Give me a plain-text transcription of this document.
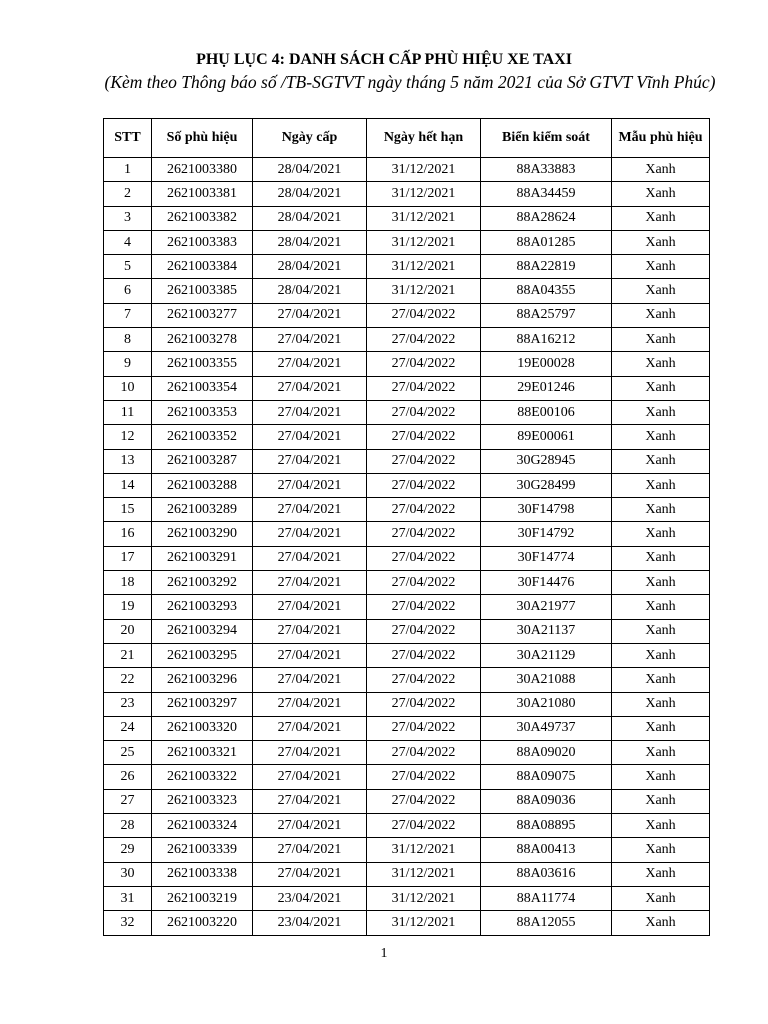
PHỤ LỤC 4: DANH SÁCH CẤP PHÙ HIỆU XE TAXI
(Kèm theo Thông báo số /TB-SGTVT ngày tháng 5 năm 2021 của Sở GTVT Vĩnh Phúc)
STT	Số phù hiệu	Ngày cấp	Ngày hết hạn	Biển kiểm soát	Mẫu phù hiệu
1	2621003380	28/04/2021	31/12/2021	88A33883	Xanh
2	2621003381	28/04/2021	31/12/2021	88A34459	Xanh
3	2621003382	28/04/2021	31/12/2021	88A28624	Xanh
4	2621003383	28/04/2021	31/12/2021	88A01285	Xanh
5	2621003384	28/04/2021	31/12/2021	88A22819	Xanh
6	2621003385	28/04/2021	31/12/2021	88A04355	Xanh
7	2621003277	27/04/2021	27/04/2022	88A25797	Xanh
8	2621003278	27/04/2021	27/04/2022	88A16212	Xanh
9	2621003355	27/04/2021	27/04/2022	19E00028	Xanh
10	2621003354	27/04/2021	27/04/2022	29E01246	Xanh
11	2621003353	27/04/2021	27/04/2022	88E00106	Xanh
12	2621003352	27/04/2021	27/04/2022	89E00061	Xanh
13	2621003287	27/04/2021	27/04/2022	30G28945	Xanh
14	2621003288	27/04/2021	27/04/2022	30G28499	Xanh
15	2621003289	27/04/2021	27/04/2022	30F14798	Xanh
16	2621003290	27/04/2021	27/04/2022	30F14792	Xanh
17	2621003291	27/04/2021	27/04/2022	30F14774	Xanh
18	2621003292	27/04/2021	27/04/2022	30F14476	Xanh
19	2621003293	27/04/2021	27/04/2022	30A21977	Xanh
20	2621003294	27/04/2021	27/04/2022	30A21137	Xanh
21	2621003295	27/04/2021	27/04/2022	30A21129	Xanh
22	2621003296	27/04/2021	27/04/2022	30A21088	Xanh
23	2621003297	27/04/2021	27/04/2022	30A21080	Xanh
24	2621003320	27/04/2021	27/04/2022	30A49737	Xanh
25	2621003321	27/04/2021	27/04/2022	88A09020	Xanh
26	2621003322	27/04/2021	27/04/2022	88A09075	Xanh
27	2621003323	27/04/2021	27/04/2022	88A09036	Xanh
28	2621003324	27/04/2021	27/04/2022	88A08895	Xanh
29	2621003339	27/04/2021	31/12/2021	88A00413	Xanh
30	2621003338	27/04/2021	31/12/2021	88A03616	Xanh
31	2621003219	23/04/2021	31/12/2021	88A11774	Xanh
32	2621003220	23/04/2021	31/12/2021	88A12055	Xanh
1
